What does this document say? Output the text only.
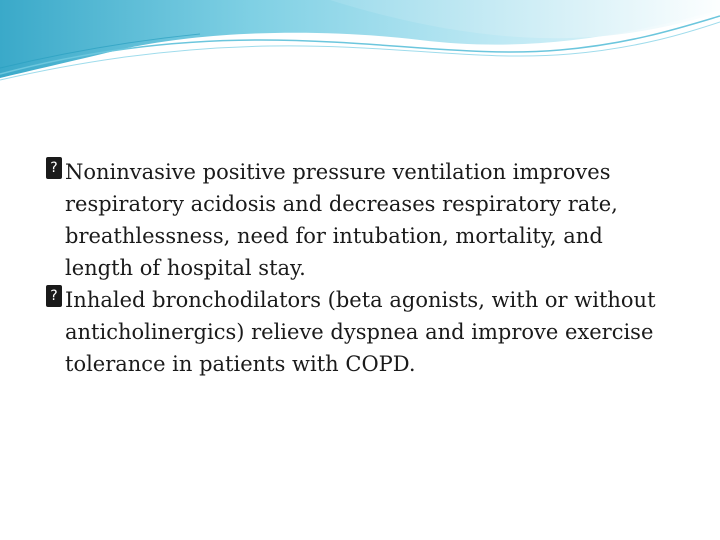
? Noninvasive positive pressure ventilation improves respiratory acidosis and decreases respiratory rate, breathlessness, need for intubation, mortality, and length of hospital stay.

? Inhaled bronchodilators (beta agonists, with or without anticholinergics) relieve dyspnea and improve exercise tolerance in patients with COPD.
